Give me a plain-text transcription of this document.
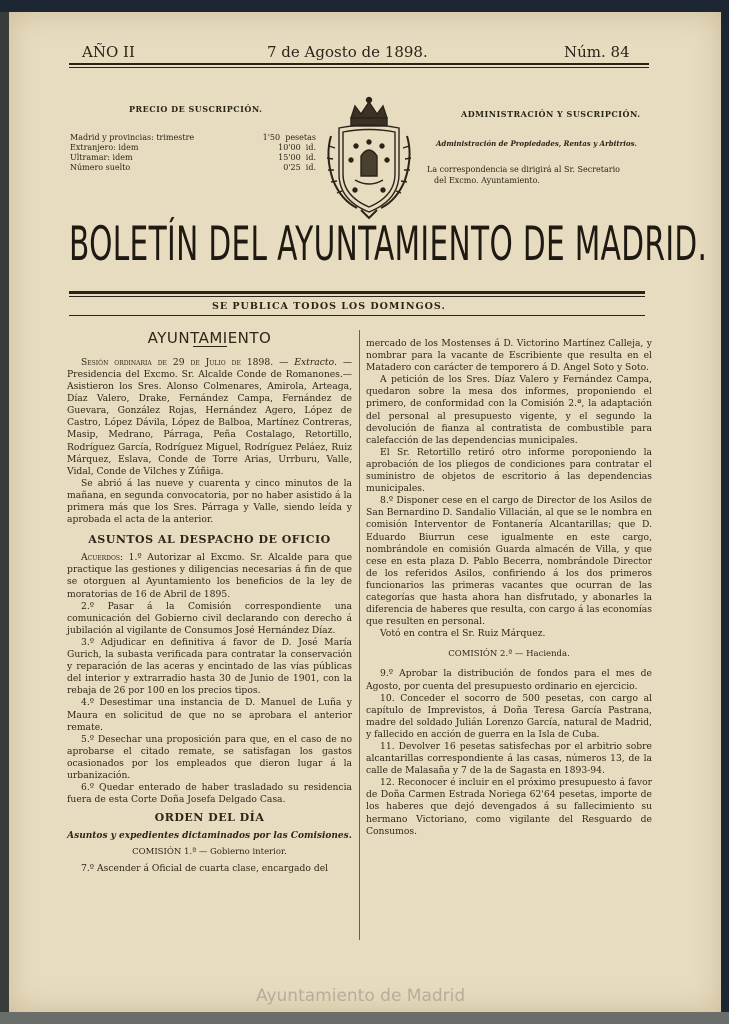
AÑO II	7 de Agosto de 1898.	Núm. 84
PRECIO DE SUSCRIPCIÓN.
Madrid y provincias: trimestre	1'50 pesetas
Extranjero: idem	10'00 id.
Ultramar: idem	15'00 id.
Número suelto	0'25 id.
ADMINISTRACIÓN Y SUSCRIPCIÓN.
Administración de Propiedades, Rentas y Arbitrios.
La correspondencia se dirigirá al Sr. Secretario
del Excmo. Ayuntamiento.
BOLETÍN DEL AYUNTAMIENTO DE MADRID.
SE PUBLICA TODOS LOS DOMINGOS.
AYUNTAMIENTO

Sesión ordinaria de 29 de Julio de 1898. — Extracto. — Presidencia del Excmo. Sr. Alcalde Conde de Romanones.—Asistieron los Sres. Alonso Colmenares, Amirola, Arteaga, Díaz Valero, Drake, Fernández Campa, Fernández de Guevara, González Rojas, Hernández Agero, López de Castro, López Dávila, López de Balboa, Martínez Contreras, Masip, Medrano, Párraga, Peña Costalago, Retortillo, Rodríguez García, Rodríguez Miguel, Rodríguez Peláez, Ruiz Márquez, Eslava, Conde de Torre Arias, Urrburu, Valle, Vidal, Conde de Vilches y Zúñiga.

Se abrió á las nueve y cuarenta y cinco minutos de la mañana, en segunda convocatoria, por no haber asistido á la primera más que los Sres. Párraga y Valle, siendo leída y aprobada el acta de la anterior.

ASUNTOS AL DESPACHO DE OFICIO

Acuerdos: 1.º Autorizar al Excmo. Sr. Alcalde para que practique las gestiones y diligencias necesarias á fin de que se otorguen al Ayuntamiento los beneficios de la ley de moratorias de 16 de Abril de 1895.

2.º Pasar á la Comisión correspondiente una comunicación del Gobierno civil declarando con derecho á jubilación al vigilante de Consumos José Hernández Díaz.

3.º Adjudicar en definitiva á favor de D. José María Gurich, la subasta verificada para contratar la conservación y reparación de las aceras y encintado de las vías públicas del interior y extrarradio hasta 30 de Junio de 1901, con la rebaja de 26 por 100 en los precios tipos.

4.º Desestimar una instancia de D. Manuel de Luña y Maura en solicitud de que no se aprobara el anterior remate.

5.º Desechar una proposición para que, en el caso de no aprobarse el citado remate, se satisfagan los gastos ocasionados por los empleados que dieron lugar á la urbanización.

6.º Quedar enterado de haber trasladado su residencia fuera de esta Corte Doña Josefa Delgado Casa.

ORDEN DEL DÍA
Asuntos y expedientes dictaminados por las Comisiones.
COMISIÓN 1.ª — Gobierno interior.

7.º Ascender á Oficial de cuarta clase, encargado del

mercado de los Mostenses á D. Victorino Martínez Calleja, y nombrar para la vacante de Escribiente que resulta en el Matadero con carácter de temporero á D. Angel Soto y Soto.

A petición de los Sres. Díaz Valero y Fernández Campa, quedaron sobre la mesa dos informes, proponiendo el primero, de conformidad con la Comisión 2.ª, la adaptación del personal al presupuesto vigente, y el segundo la devolución de fianza al contratista de combustible para calefacción de las dependencias municipales.

El Sr. Retortillo retiró otro informe poroponiendo la aprobación de los pliegos de condiciones para contratar el suministro de objetos de escritorio á las dependencias municipales.

8.º Disponer cese en el cargo de Director de los Asilos de San Bernardino D. Sandalio Villacián, al que se le nombra en comisión Interventor de Fontanería Alcantarillas; que D. Eduardo Biurrun cese igualmente en este cargo, nombrándole en comisión Guarda almacén de Villa, y que cese en esta plaza D. Pablo Becerra, nombrándole Director de los referidos Asilos, confiriendo á los dos primeros funcionarios las primeras vacantes que ocurran de las categorías que hasta ahora han disfrutado, y abonarles la diferencia de haberes que resulta, con cargo á las economías que resulten en personal.

Votó en contra el Sr. Ruiz Márquez.

COMISIÓN 2.ª — Hacienda.

9.º Aprobar la distribución de fondos para el mes de Agosto, por cuenta del presupuesto ordinario en ejercicio.

10. Conceder el socorro de 500 pesetas, con cargo al capítulo de Imprevistos, á Doña Teresa García Pastrana, madre del soldado Julián Lorenzo García, natural de Madrid, y fallecido en acción de guerra en la Isla de Cuba.

11. Devolver 16 pesetas satisfechas por el arbitrio sobre alcantarillas correspondiente á las casas, números 13, de la calle de Malasaña y 7 de la de Sagasta en 1893-94.

12. Reconocer é incluir en el próximo presupuesto á favor de Doña Carmen Estrada Noriega 62'64 pesetas, importe de los haberes que dejó devengados á su fallecimiento su hermano Victoriano, como vigilante del Resguardo de Consumos.

Ayuntamiento de Madrid
